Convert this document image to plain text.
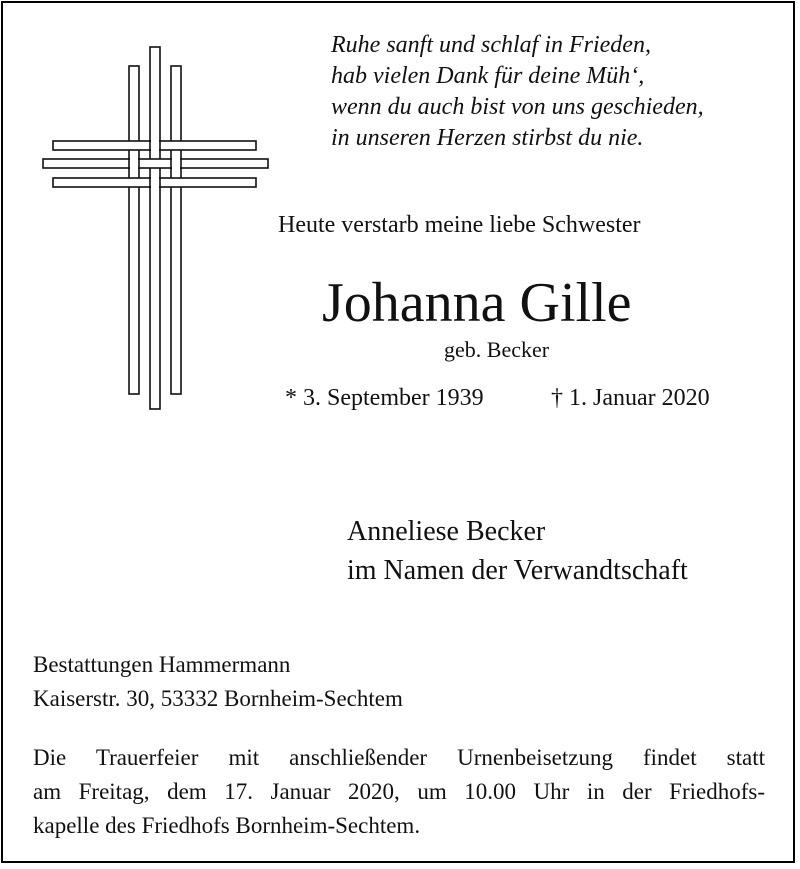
Ruhe sanft und schlaf in Frieden,
hab vielen Dank für deine Müh‘,
wenn du auch bist von uns geschieden,
in unseren Herzen stirbst du nie.
Heute verstarb meine liebe Schwester
Johanna Gille
geb. Becker
* 3. September 1939	† 1. Januar 2020
Anneliese Becker
im Namen der Verwandtschaft
Bestattungen Hammermann
Kaiserstr. 30, 53332 Bornheim-Sechtem
Die Trauerfeier mit anschließender Urnenbeisetzung findet statt
am Freitag, dem 17. Januar 2020, um 10.00 Uhr in der Friedhofs-
kapelle des Friedhofs Bornheim-Sechtem.
